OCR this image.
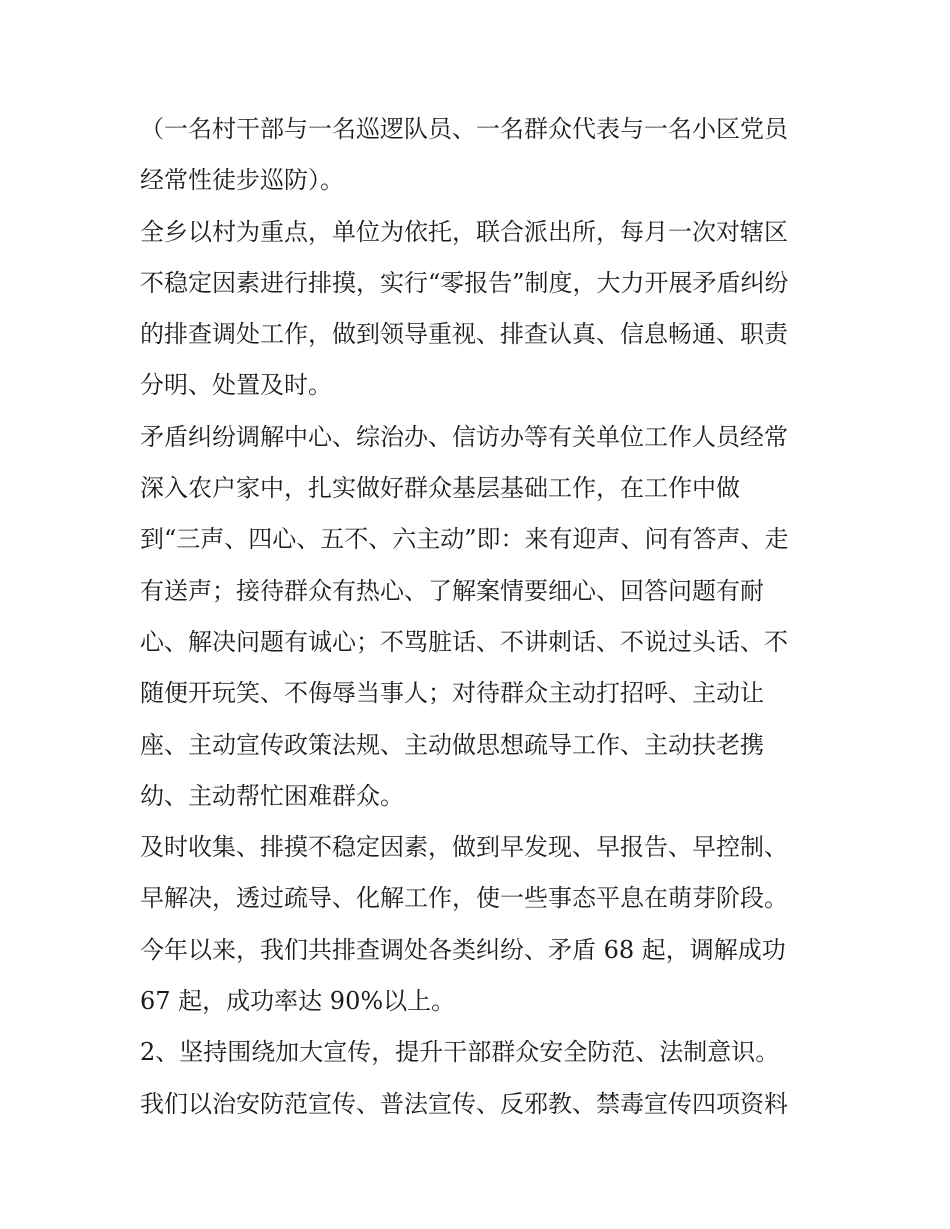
（一名村干部与一名巡逻队员、一名群众代表与一名小区党员
经常性徒步巡防）。
全乡以村为重点，单位为依托，联合派出所，每月一次对辖区
不稳定因素进行排摸，实行“零报告”制度，大力开展矛盾纠纷
的排查调处工作，做到领导重视、排查认真、信息畅通、职责
分明、处置及时。
矛盾纠纷调解中心、综治办、信访办等有关单位工作人员经常
深入农户家中，扎实做好群众基层基础工作，在工作中做
到“三声、四心、五不、六主动”即：来有迎声、问有答声、走
有送声；接待群众有热心、了解案情要细心、回答问题有耐
心、解决问题有诚心；不骂脏话、不讲刺话、不说过头话、不
随便开玩笑、不侮辱当事人；对待群众主动打招呼、主动让
座、主动宣传政策法规、主动做思想疏导工作、主动扶老携
幼、主动帮忙困难群众。
及时收集、排摸不稳定因素，做到早发现、早报告、早控制、
早解决，透过疏导、化解工作，使一些事态平息在萌芽阶段。
今年以来，我们共排查调处各类纠纷、矛盾 68 起，调解成功
67 起，成功率达 90%以上。
2、坚持围绕加大宣传，提升干部群众安全防范、法制意识。
我们以治安防范宣传、普法宣传、反邪教、禁毒宣传四项资料
